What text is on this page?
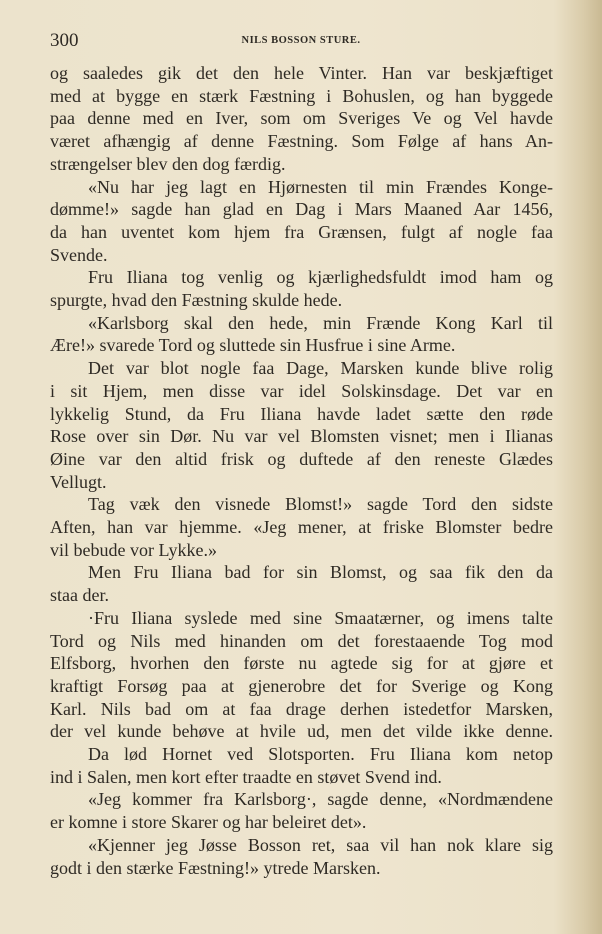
300	NILS BOSSON STURE.
og saaledes gik det den hele Vinter. Han var beskjæftiget
med at bygge en stærk Fæstning i Bohuslen, og han byggede
paa denne med en Iver, som om Sveriges Ve og Vel havde
været afhængig af denne Fæstning. Som Følge af hans An-
strængelser blev den dog færdig.
«Nu har jeg lagt en Hjørnesten til min Frændes Konge-
dømme!» sagde han glad en Dag i Mars Maaned Aar 1456,
da han uventet kom hjem fra Grænsen, fulgt af nogle faa
Svende.
Fru Iliana tog venlig og kjærlighedsfuldt imod ham og
spurgte, hvad den Fæstning skulde hede.
«Karlsborg skal den hede, min Frænde Kong Karl til
Ære!» svarede Tord og sluttede sin Husfrue i sine Arme.
Det var blot nogle faa Dage, Marsken kunde blive rolig
i sit Hjem, men disse var idel Solskinsdage. Det var en
lykkelig Stund, da Fru Iliana havde ladet sætte den røde
Rose over sin Dør. Nu var vel Blomsten visnet; men i Ilianas
Øine var den altid frisk og duftede af den reneste Glædes
Vellugt.
Tag væk den visnede Blomst!» sagde Tord den sidste
Aften, han var hjemme. «Jeg mener, at friske Blomster bedre
vil bebude vor Lykke.»
Men Fru Iliana bad for sin Blomst, og saa fik den da
staa der.
·Fru Iliana syslede med sine Smaatærner, og imens talte
Tord og Nils med hinanden om det forestaaende Tog mod
Elfsborg, hvorhen den første nu agtede sig for at gjøre et
kraftigt Forsøg paa at gjenerobre det for Sverige og Kong
Karl. Nils bad om at faa drage derhen istedetfor Marsken,
der vel kunde behøve at hvile ud, men det vilde ikke denne.
Da lød Hornet ved Slotsporten. Fru Iliana kom netop
ind i Salen, men kort efter traadte en støvet Svend ind.
«Jeg kommer fra Karlsborg·, sagde denne, «Nordmændene
er komne i store Skarer og har beleiret det».
«Kjenner jeg Jøsse Bosson ret, saa vil han nok klare sig
godt i den stærke Fæstning!» ytrede Marsken.
